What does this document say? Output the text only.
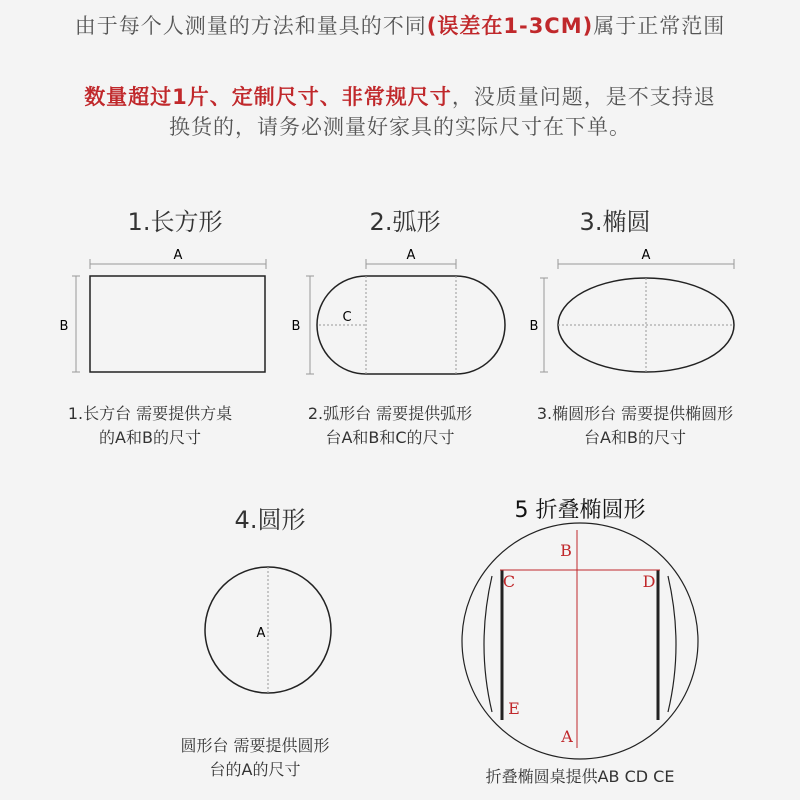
由于每个人测量的方法和量具的不同(误差在1-3CM)属于正常范围
数量超过1片、定制尺寸、非常规尺寸，没质量问题，是不支持退
换货的，请务必测量好家具的实际尺寸在下单。
1.长方形	2.弧形	3.椭圆
4.圆形	5 折叠椭圆形
A
B
A
B
C
A
B
A
B
C	D
E
A
1.长方台 需要提供方桌
的A和B的尺寸
2.弧形台 需要提供弧形
台A和B和C的尺寸
3.椭圆形台 需要提供椭圆形
台A和B的尺寸
圆形台 需要提供圆形
台的A的尺寸	折叠椭圆桌提供AB CD CE
